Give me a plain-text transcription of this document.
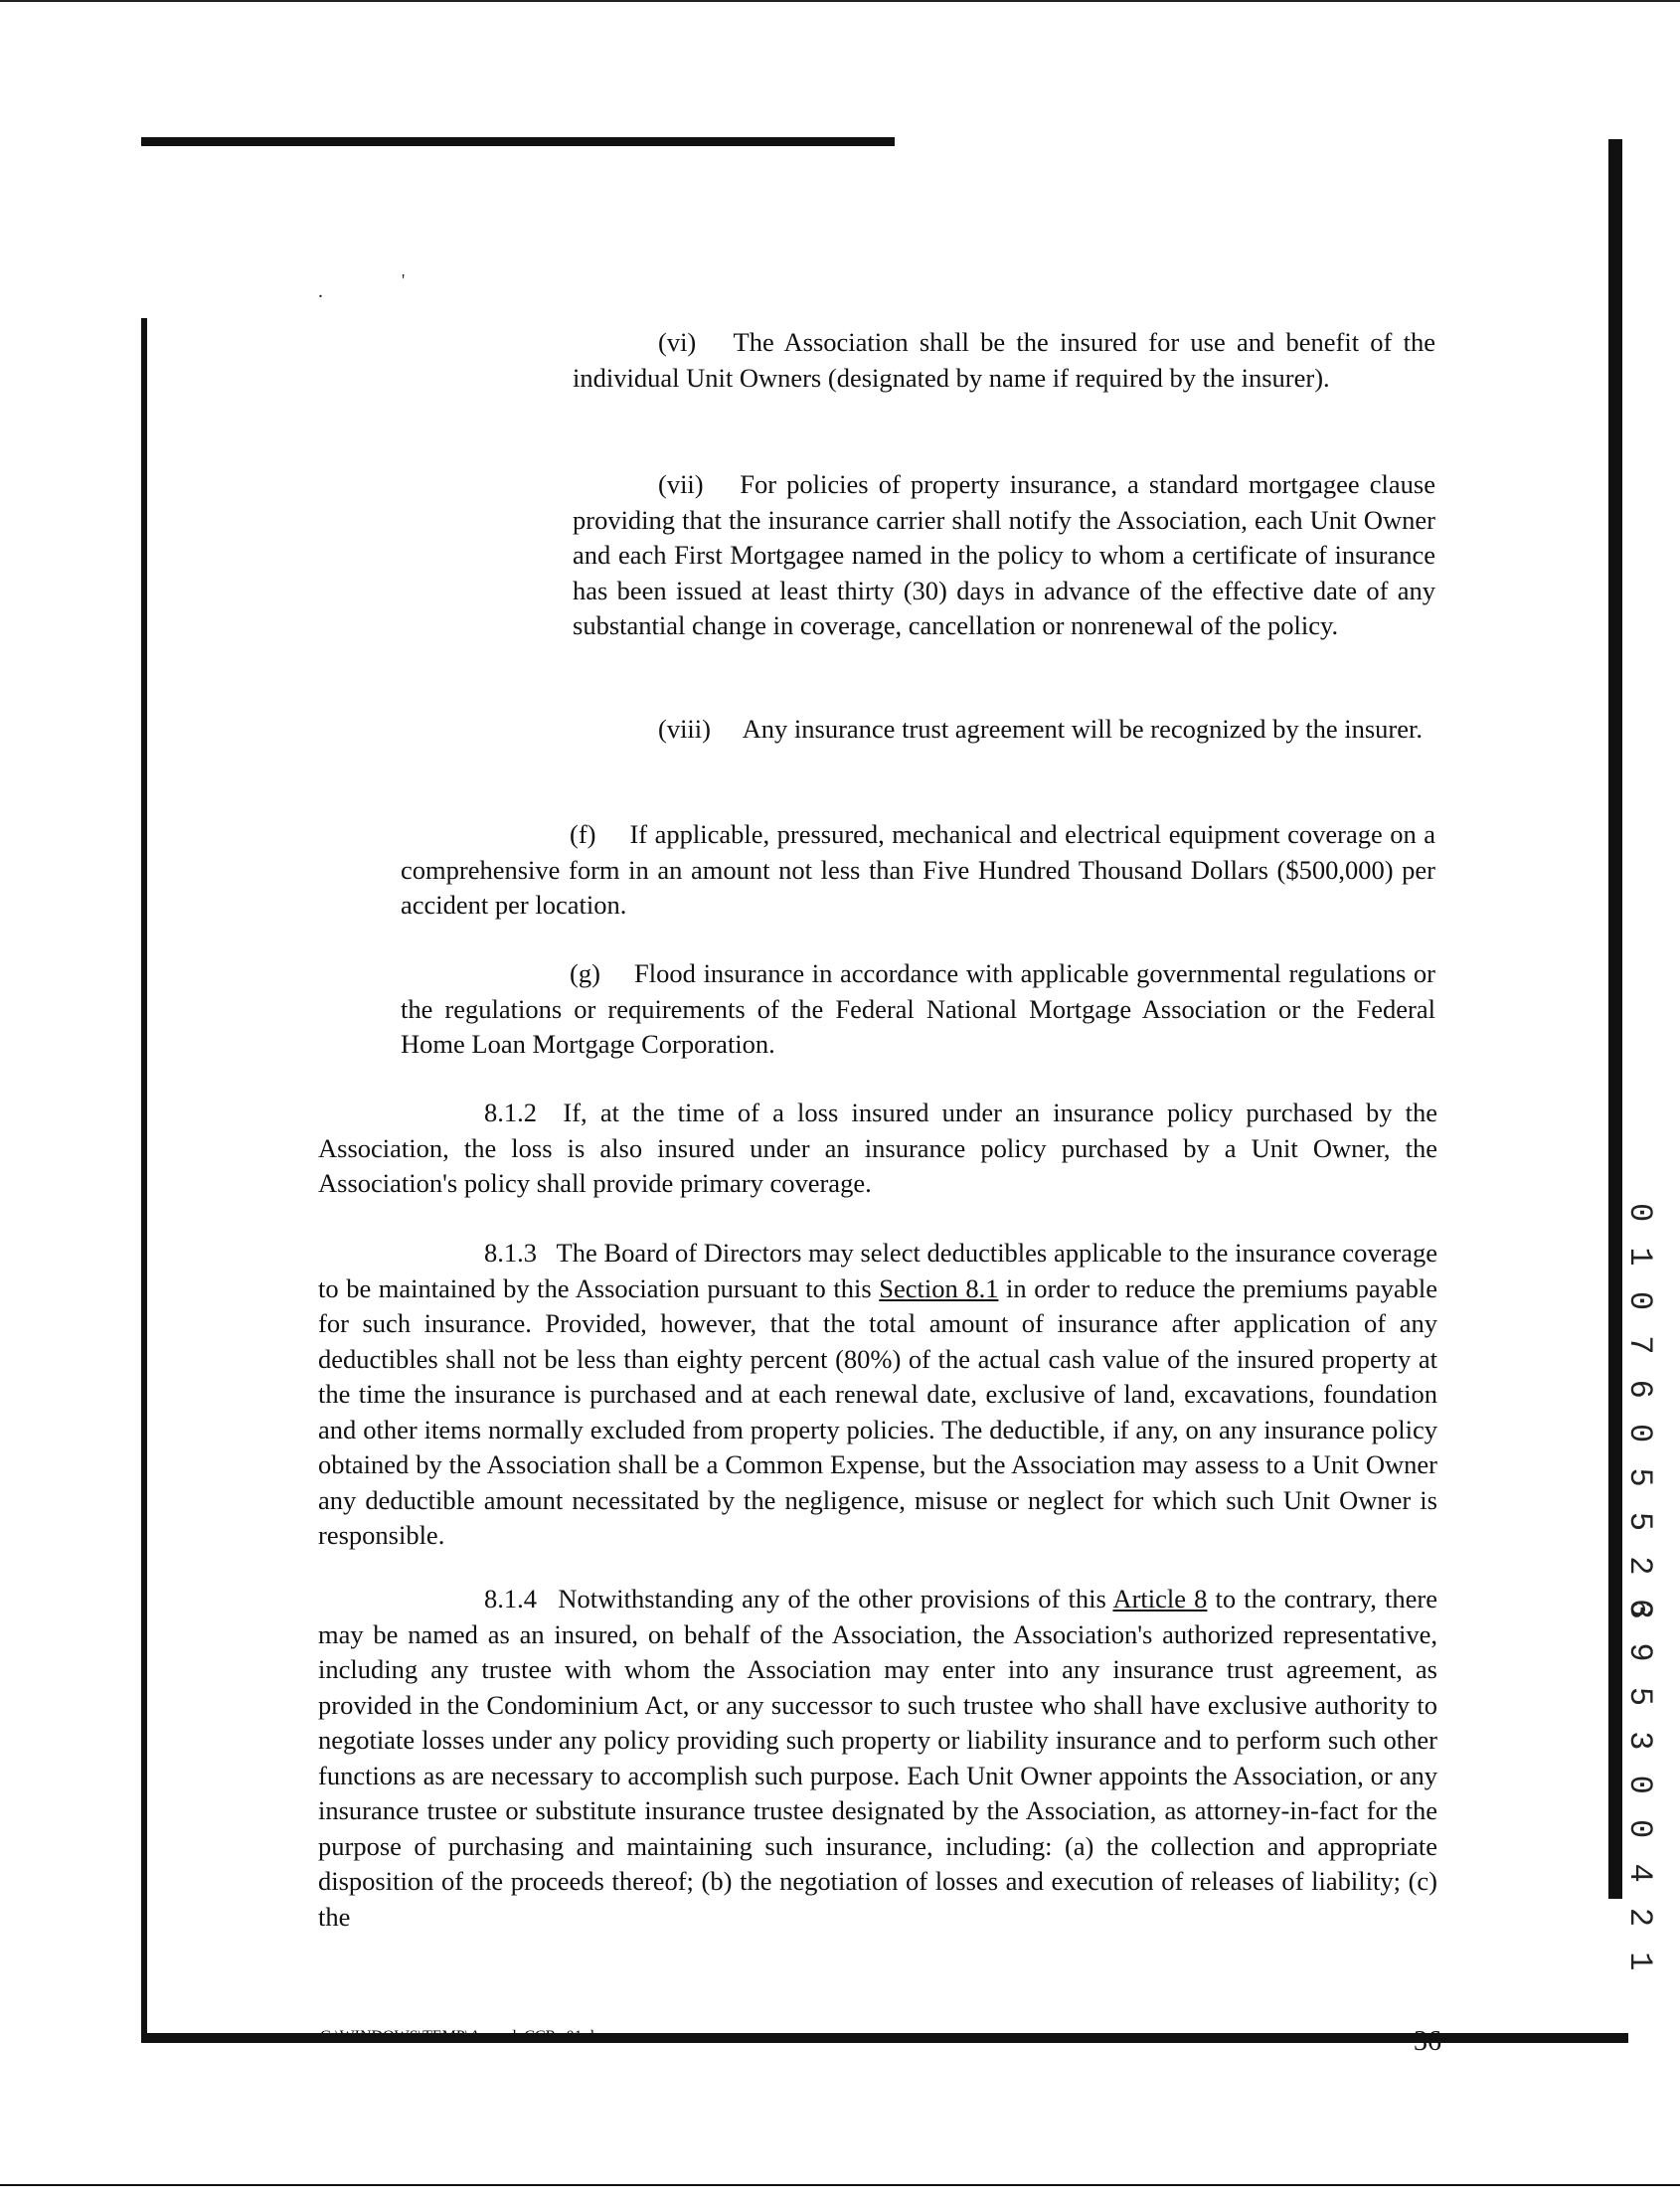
.	'

(vi)  The Association shall be the insured for use and benefit of the individual Unit Owners (designated by name if required by the insurer).

(vii)  For policies of property insurance, a standard mortgagee clause providing that the insurance carrier shall notify the Association, each Unit Owner and each First Mortgagee named in the policy to whom a certificate of insurance has been issued at least thirty (30) days in advance of the effective date of any substantial change in coverage, cancellation or nonrenewal of the policy.

(viii)  Any insurance trust agreement will be recognized by the insurer.

(f)  If applicable, pressured, mechanical and electrical equipment coverage on a comprehensive form in an amount not less than Five Hundred Thousand Dollars ($500,000) per accident per location.

(g)  Flood insurance in accordance with applicable governmental regulations or the regulations or requirements of the Federal National Mortgage Association or the Federal Home Loan Mortgage Corporation.

8.1.2  If, at the time of a loss insured under an insurance policy purchased by the Association, the loss is also insured under an insurance policy purchased by a Unit Owner, the Association's policy shall provide primary coverage.

8.1.3  The Board of Directors may select deductibles applicable to the insurance coverage to be maintained by the Association pursuant to this Section 8.1 in order to reduce the premiums payable for such insurance. Provided, however, that the total amount of insurance after application of any deductibles shall not be less than eighty percent (80%) of the actual cash value of the insured property at the time the insurance is purchased and at each renewal date, exclusive of land, excavations, foundation and other items normally excluded from property policies. The deductible, if any, on any insurance policy obtained by the Association shall be a Common Expense, but the Association may assess to a Unit Owner any deductible amount necessitated by the negligence, misuse or neglect for which such Unit Owner is responsible.

8.1.4  Notwithstanding any of the other provisions of this Article 8 to the contrary, there may be named as an insured, on behalf of the Association, the Association's authorized representative, including any trustee with whom the Association may enter into any insurance trust agreement, as provided in the Condominium Act, or any successor to such trustee who shall have exclusive authority to negotiate losses under any policy providing such property or liability insurance and to perform such other functions as are necessary to accomplish such purpose. Each Unit Owner appoints the Association, or any insurance trustee or substitute insurance trustee designated by the Association, as attorney-in-fact for the purpose of purchasing and maintaining such insurance, including: (a) the collection and appropriate disposition of the proceeds thereof; (b) the negotiation of losses and execution of releases of liability; (c) the

C:\WINDOWS\TEMP\Amend. CCRs.01.doc	36
0 1 0 7 6 0 5 5 2 3
6 9 5 3 0 0 4 2 1
